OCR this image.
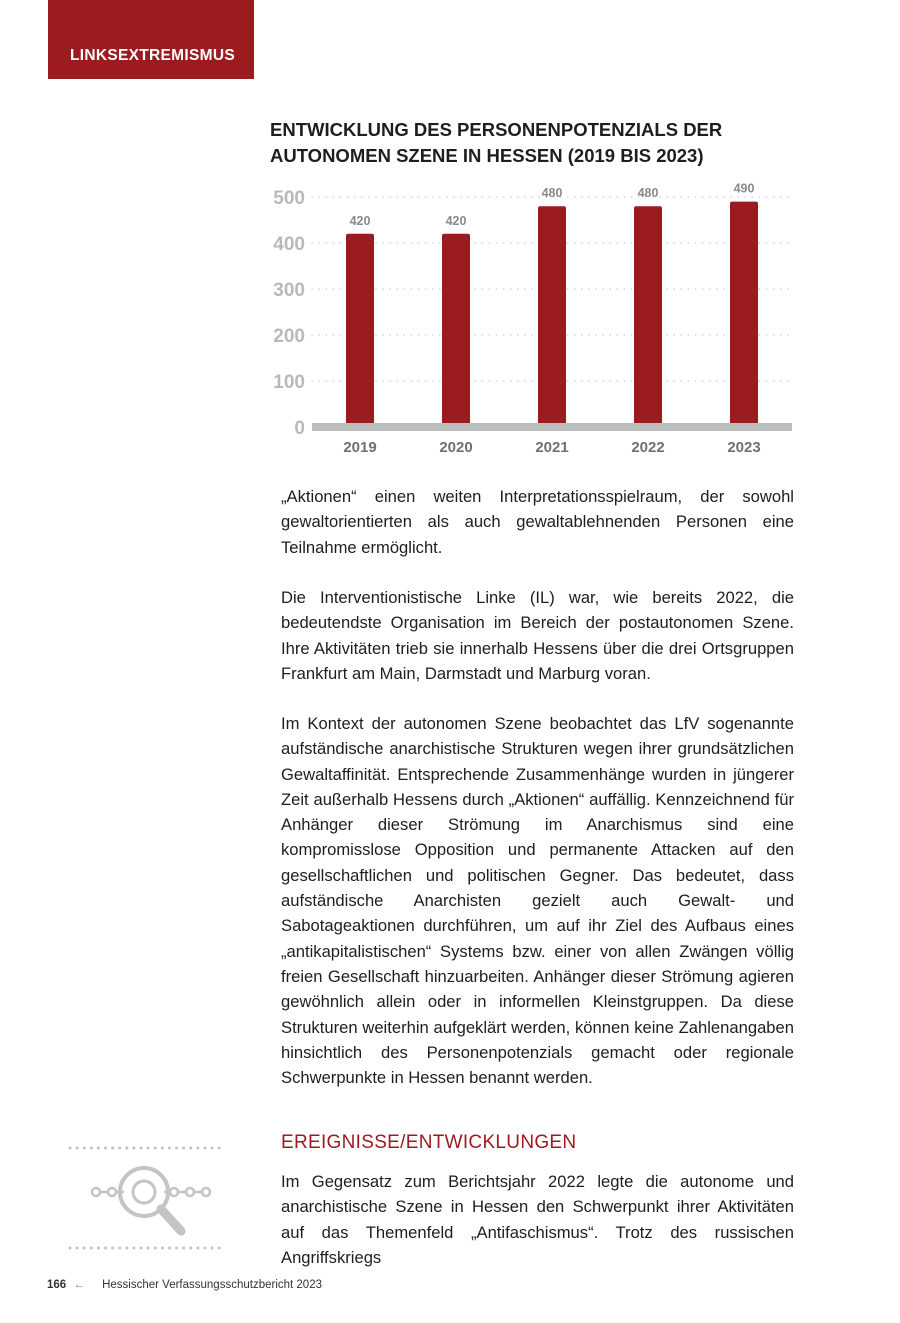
LINKSEXTREMISMUS
ENTWICKLUNG DES PERSONENPOTENZIALS DER AUTONOMEN SZENE IN HESSEN (2019 BIS 2023)
0
100
200
300
400
500
420
2019
420
2020
480
2021
480
2022
490
2023

„Aktionen“ einen weiten Interpretationsspielraum, der sowohl gewaltorientierten als auch gewaltablehnenden Personen eine Teilnahme ermöglicht.

Die Interventionistische Linke (IL) war, wie bereits 2022, die bedeutendste Organisation im Bereich der postautonomen Szene. Ihre Aktivitäten trieb sie innerhalb Hessens über die drei Ortsgruppen Frankfurt am Main, Darmstadt und Marburg voran.

Im Kontext der autonomen Szene beobachtet das LfV sogenannte aufständische anarchistische Strukturen wegen ihrer grundsätzlichen Gewaltaffinität. Entsprechende Zusammenhänge wurden in jüngerer Zeit außerhalb Hessens durch „Aktionen“ auffällig. Kennzeichnend für Anhänger dieser Strömung im Anarchismus sind eine kompromisslose Opposition und permanente Attacken auf den gesellschaftlichen und politischen Gegner. Das bedeutet, dass aufständische Anarchisten gezielt auch Gewalt- und Sabotageaktionen durchführen, um auf ihr Ziel des Aufbaus eines „antikapitalistischen“ Systems bzw. einer von allen Zwängen völlig freien Gesellschaft hinzuarbeiten. Anhänger dieser Strömung agieren gewöhnlich allein oder in informellen Kleinstgruppen. Da diese Strukturen weiterhin aufgeklärt werden, können keine Zahlenangaben hinsichtlich des Personenpotenzials gemacht oder regionale Schwerpunkte in Hessen benannt werden.

EREIGNISSE/ENTWICKLUNGEN

Im Gegensatz zum Berichtsjahr 2022 legte die autonome und anarchistische Szene in Hessen den Schwerpunkt ihrer Aktivitäten auf das Themenfeld „Antifaschismus“. Trotz des russischen Angriffskriegs

166 ← Hessischer Verfassungsschutzbericht 2023
